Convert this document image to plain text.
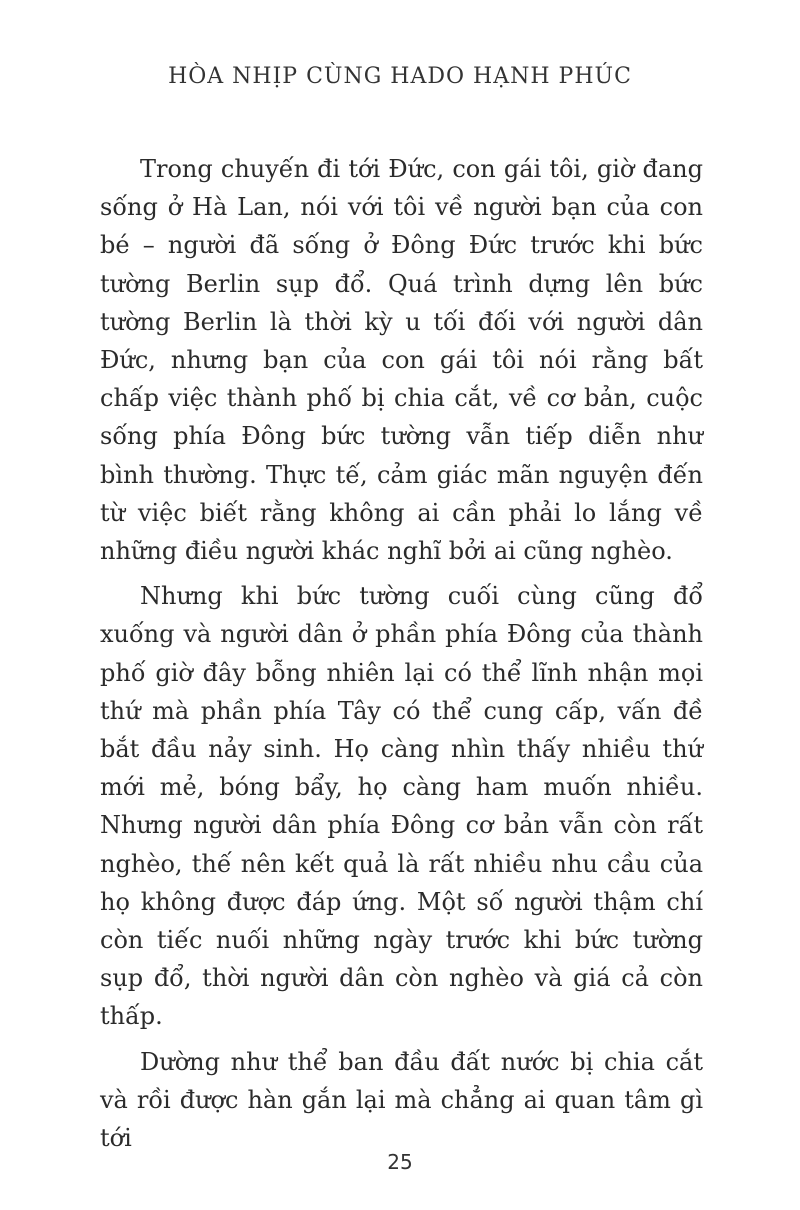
HÒA NHỊP CÙNG HADO HẠNH PHÚC

Trong chuyến đi tới Đức, con gái tôi, giờ đang sống ở Hà Lan, nói với tôi về người bạn của con bé – người đã sống ở Đông Đức trước khi bức tường Berlin sụp đổ. Quá trình dựng lên bức tường Berlin là thời kỳ u tối đối với người dân Đức, nhưng bạn của con gái tôi nói rằng bất chấp việc thành phố bị chia cắt, về cơ bản, cuộc sống phía Đông bức tường vẫn tiếp diễn như bình thường. Thực tế, cảm giác mãn nguyện đến từ việc biết rằng không ai cần phải lo lắng về những điều người khác nghĩ bởi ai cũng nghèo.

Nhưng khi bức tường cuối cùng cũng đổ xuống và người dân ở phần phía Đông của thành phố giờ đây bỗng nhiên lại có thể lĩnh nhận mọi thứ mà phần phía Tây có thể cung cấp, vấn đề bắt đầu nảy sinh. Họ càng nhìn thấy nhiều thứ mới mẻ, bóng bẩy, họ càng ham muốn nhiều. Nhưng người dân phía Đông cơ bản vẫn còn rất nghèo, thế nên kết quả là rất nhiều nhu cầu của họ không được đáp ứng. Một số người thậm chí còn tiếc nuối những ngày trước khi bức tường sụp đổ, thời người dân còn nghèo và giá cả còn thấp.

Dường như thể ban đầu đất nước bị chia cắt và rồi được hàn gắn lại mà chẳng ai quan tâm gì tới

25
